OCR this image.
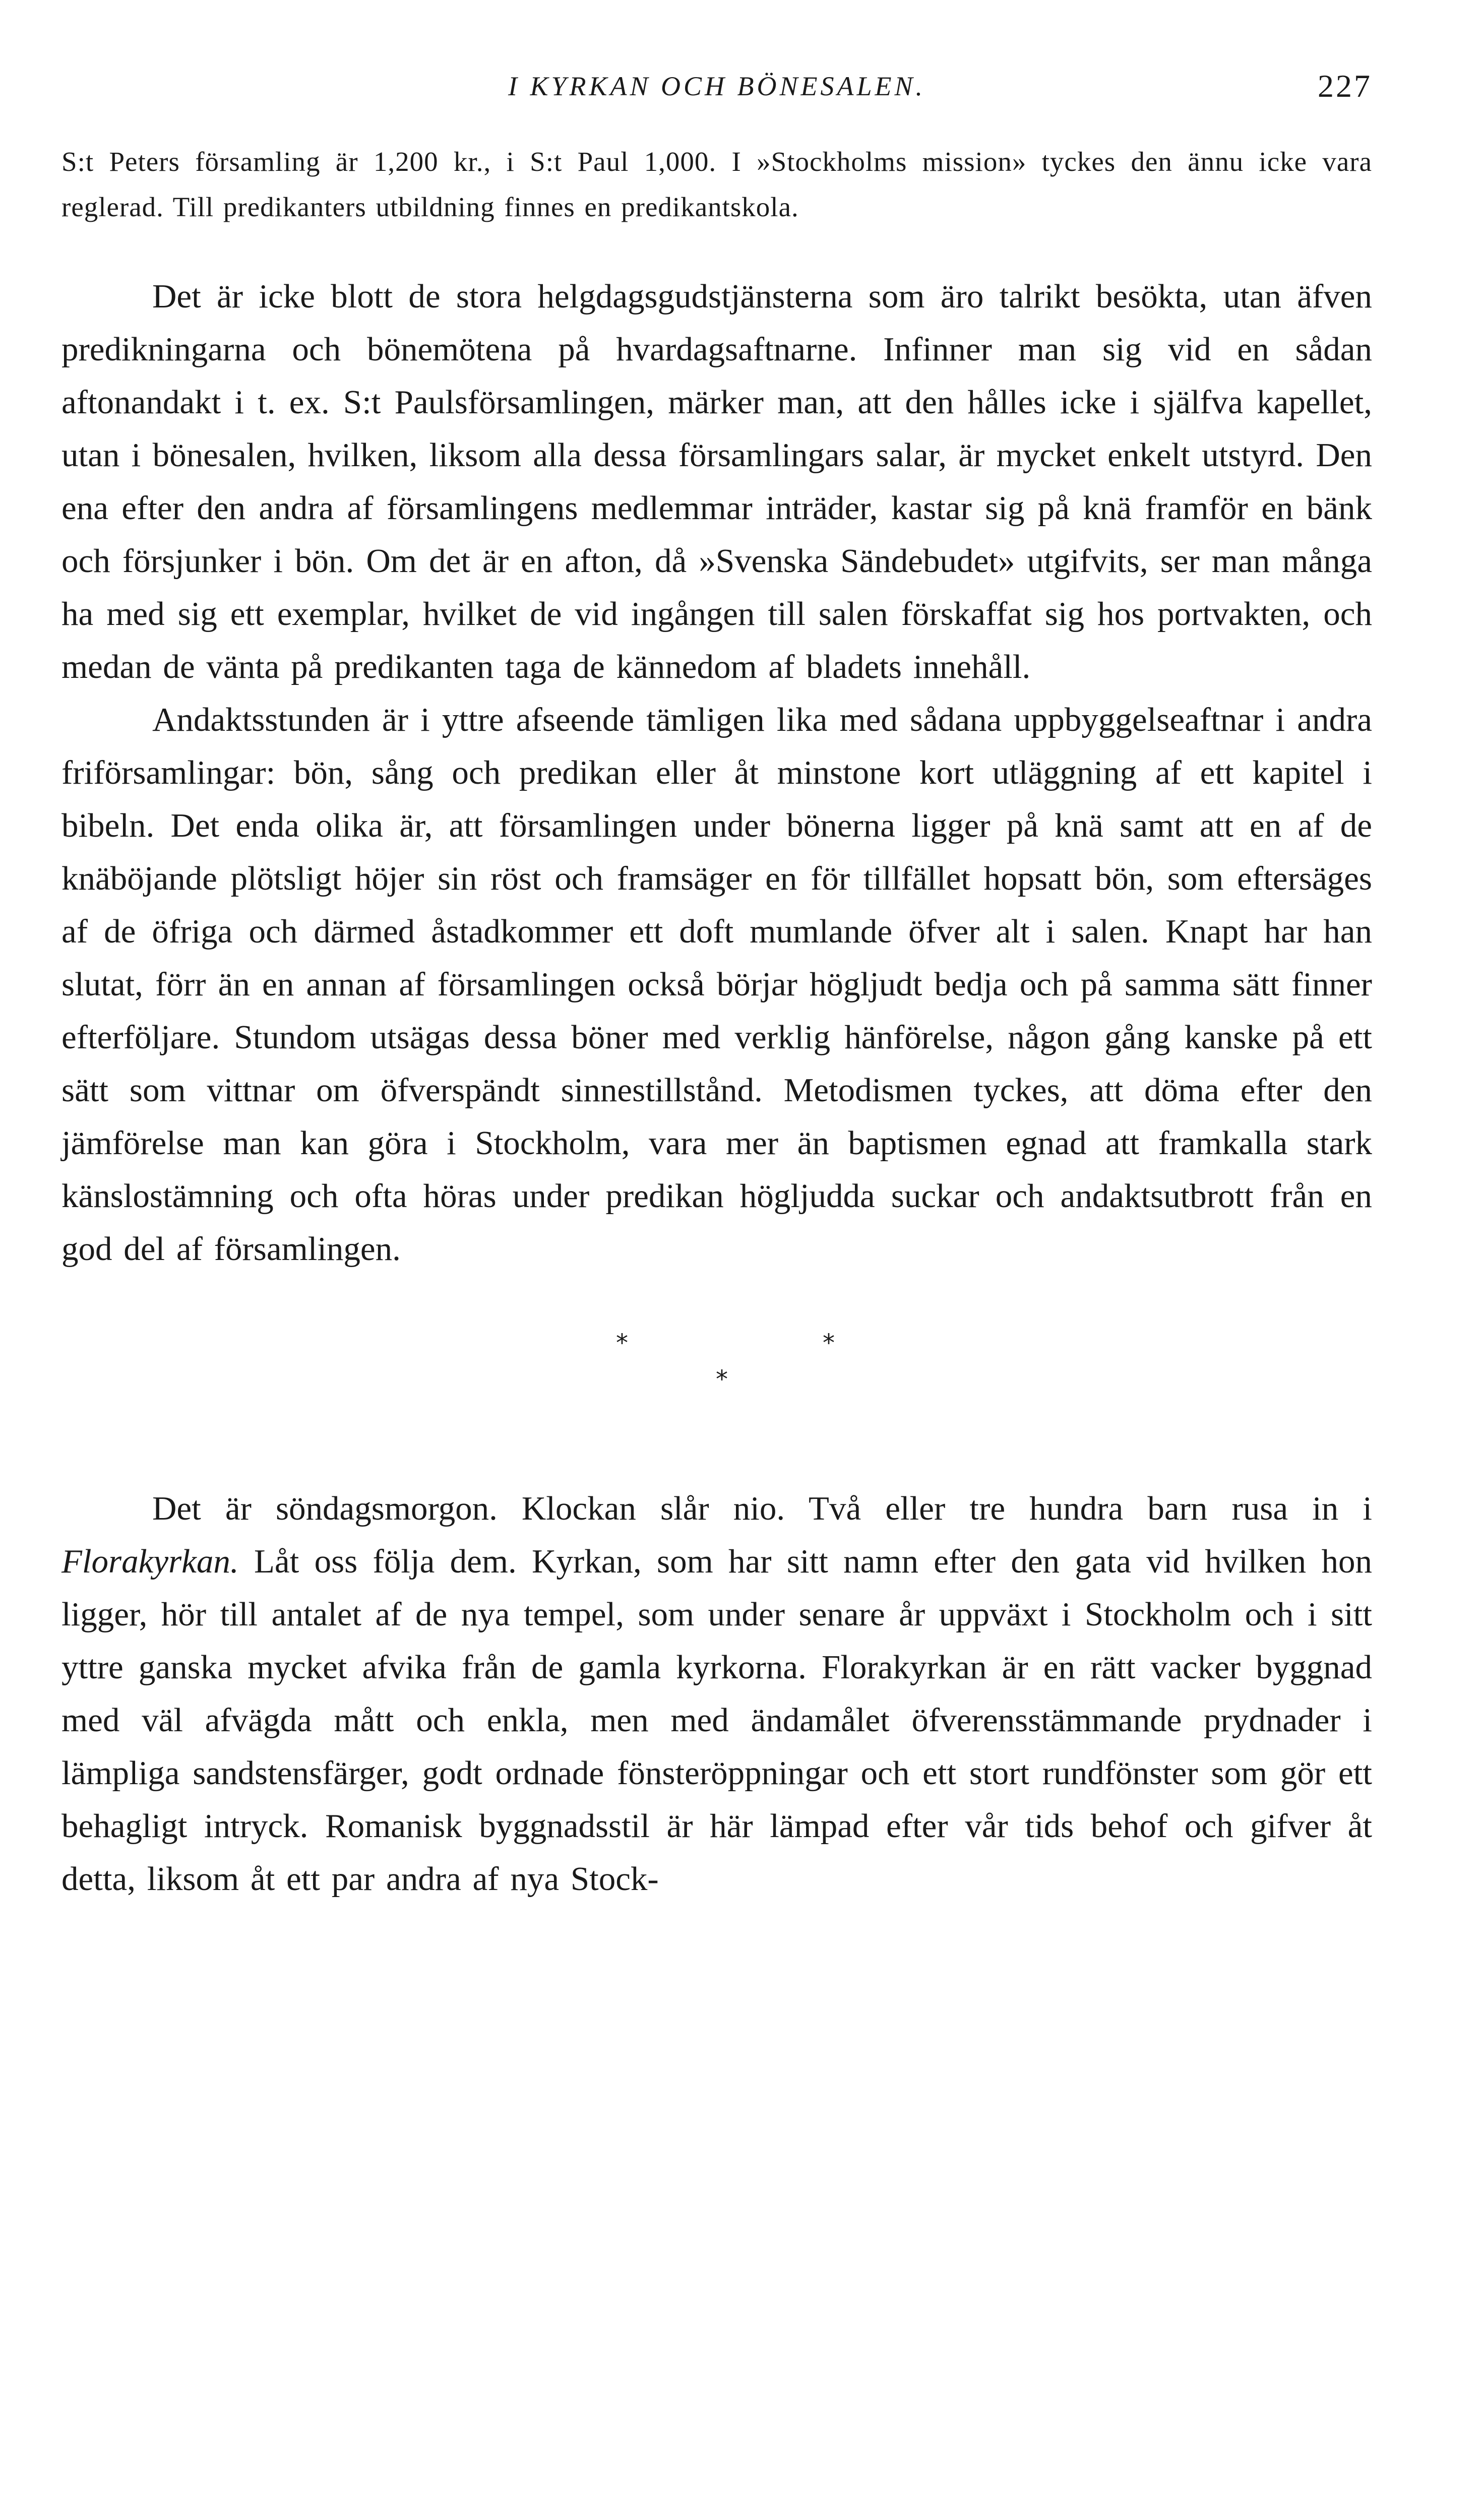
I KYRKAN OCH BÖNESALEN.	227

S:t Peters församling är 1,200 kr., i S:t Paul 1,000. I »Stockholms mission» tyckes den ännu icke vara reglerad. Till predikanters utbildning finnes en predikantskola.

Det är icke blott de stora helgdagsgudstjänsterna som äro talrikt besökta, utan äfven predikningarna och bönemötena på hvardagsaftnarne. Infinner man sig vid en sådan aftonandakt i t. ex. S:t Paulsförsamlingen, märker man, att den hålles icke i själfva kapellet, utan i bönesalen, hvilken, liksom alla dessa församlingars salar, är mycket enkelt utstyrd. Den ena efter den andra af församlingens medlemmar inträder, kastar sig på knä framför en bänk och försjunker i bön. Om det är en afton, då »Svenska Sändebudet» utgifvits, ser man många ha med sig ett exemplar, hvilket de vid ingången till salen förskaffat sig hos portvakten, och medan de vänta på predikanten taga de kännedom af bladets innehåll.

Andaktsstunden är i yttre afseende tämligen lika med sådana uppbyggelseaftnar i andra friförsamlingar: bön, sång och predikan eller åt minstone kort utläggning af ett kapitel i bibeln. Det enda olika är, att församlingen under bönerna ligger på knä samt att en af de knäböjande plötsligt höjer sin röst och framsäger en för tillfället hopsatt bön, som eftersäges af de öfriga och därmed åstadkommer ett doft mumlande öfver alt i salen. Knapt har han slutat, förr än en annan af församlingen också börjar högljudt bedja och på samma sätt finner efterföljare. Stundom utsägas dessa böner med verklig hänförelse, någon gång kanske på ett sätt som vittnar om öfverspändt sinnestillstånd. Metodismen tyckes, att döma efter den jämförelse man kan göra i Stockholm, vara mer än baptismen egnad att framkalla stark känslostämning och ofta höras under predikan högljudda suckar och andaktsutbrott från en god del af församlingen.

*	*
*

Det är söndagsmorgon. Klockan slår nio. Två eller tre hundra barn rusa in i Florakyrkan. Låt oss följa dem. Kyrkan, som har sitt namn efter den gata vid hvilken hon ligger, hör till antalet af de nya tempel, som under senare år uppväxt i Stockholm och i sitt yttre ganska mycket afvika från de gamla kyrkorna. Florakyrkan är en rätt vacker byggnad med väl afvägda mått och enkla, men med ändamålet öfverensstämmande prydnader i lämpliga sandstensfärger, godt ordnade fönsteröppningar och ett stort rundfönster som gör ett behagligt intryck. Romanisk byggnadsstil är här lämpad efter vår tids behof och gifver åt detta, liksom åt ett par andra af nya Stock-
